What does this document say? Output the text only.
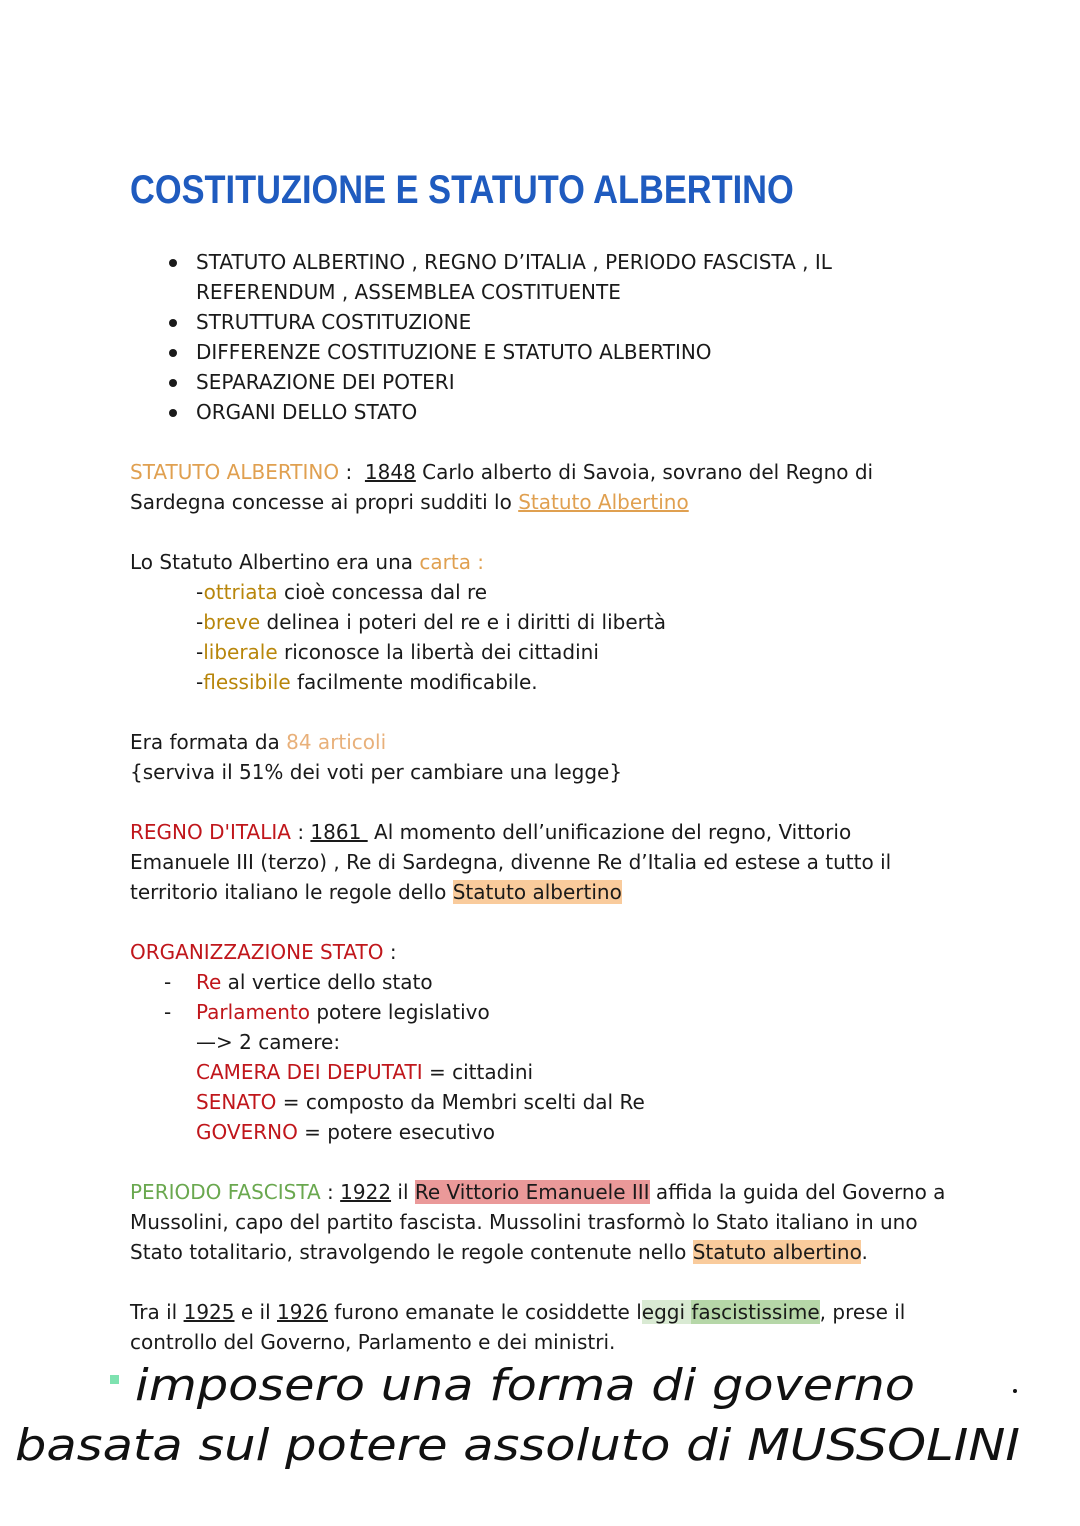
COSTITUZIONE E STATUTO ALBERTINO
STATUTO ALBERTINO , REGNO D’ITALIA , PERIODO FASCISTA , IL REFERENDUM , ASSEMBLEA COSTITUENTE
STRUTTURA COSTITUZIONE
DIFFERENZE COSTITUZIONE E STATUTO ALBERTINO
SEPARAZIONE DEI POTERI
ORGANI DELLO STATO

STATUTO ALBERTINO :  1848 Carlo alberto di Savoia, sovrano del Regno di Sardegna concesse ai propri sudditi lo Statuto Albertino

Lo Statuto Albertino era una carta :
-ottriata cioè concessa dal re
-breve delinea i poteri del re e i diritti di libertà
-liberale riconosce la libertà dei cittadini
-flessibile facilmente modificabile.
Era formata da 84 articoli
{serviva il 51% dei voti per cambiare una legge}

REGNO D'ITALIA : 1861  Al momento dell’unificazione del regno, Vittorio Emanuele III (terzo) , Re di Sardegna, divenne Re d’Italia ed estese a tutto il territorio italiano le regole dello Statuto albertino

ORGANIZZAZIONE STATO :
- Re al vertice dello stato
- Parlamento potere legislativo
—> 2 camere:
CAMERA DEI DEPUTATI = cittadini
SENATO = composto da Membri scelti dal Re
GOVERNO = potere esecutivo

PERIODO FASCISTA : 1922 il Re Vittorio Emanuele III affida la guida del Governo a Mussolini, capo del partito fascista. Mussolini trasformò lo Stato italiano in uno Stato totalitario, stravolgendo le regole contenute nello Statuto albertino.

Tra il 1925 e il 1926 furono emanate le cosiddette leggi fascistissime, prese il controllo del Governo, Parlamento e dei ministri.

imposero una forma di governo
basata sul potere assoluto di MUSSOLINI
